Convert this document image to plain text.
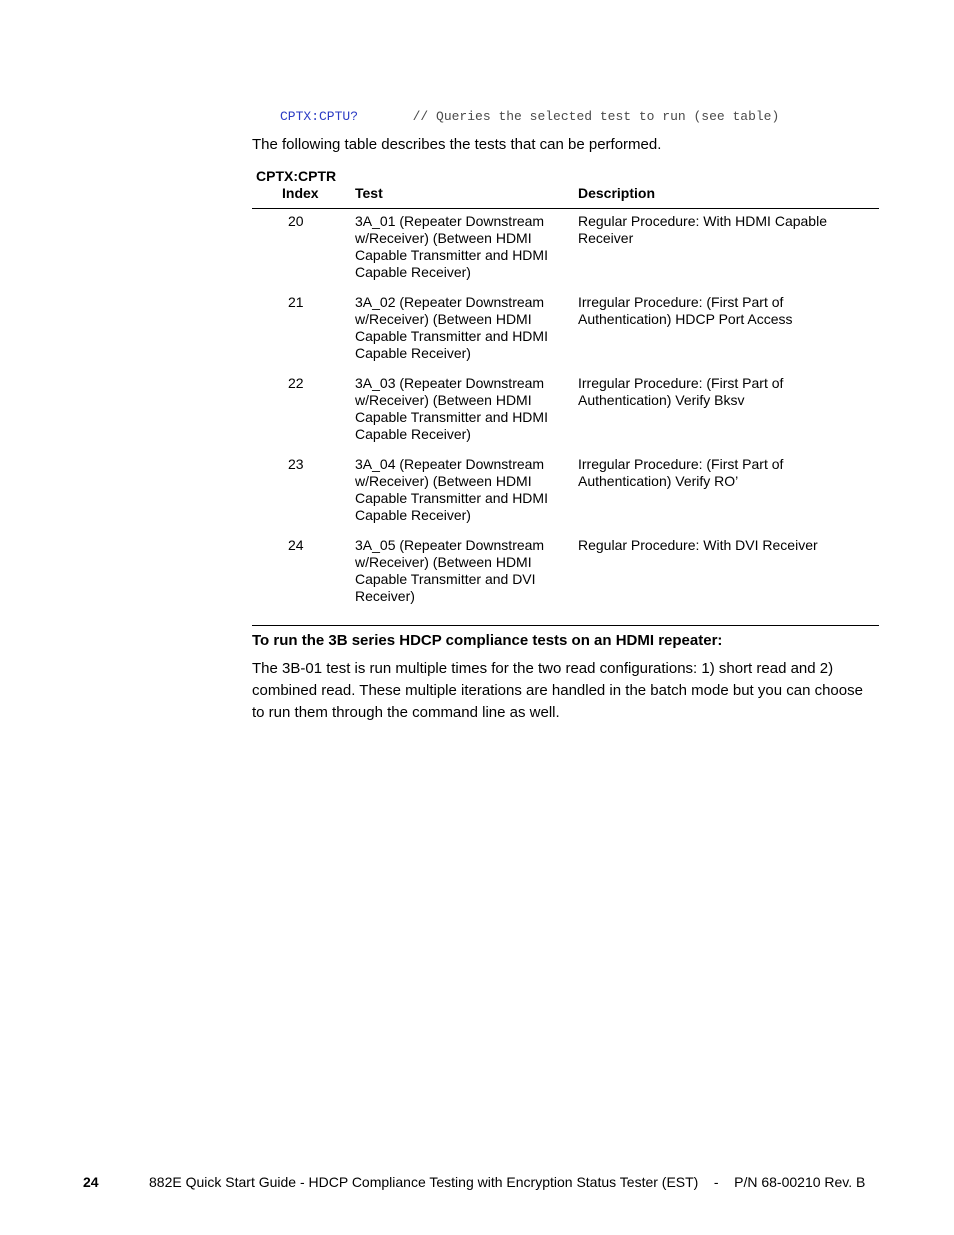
CPTX:CPTU?	// Queries the selected test to run (see table)
The following table describes the tests that can be performed.
CPTX:CPTR
Index	Test	Description
20	3A_01 (Repeater Downstream w/Receiver) (Between HDMI Capable Transmitter and HDMI Capable Receiver)
Regular Procedure: With HDMI Capable Receiver
21	3A_02 (Repeater Downstream w/Receiver) (Between HDMI Capable Transmitter and HDMI Capable Receiver)
Irregular Procedure: (First Part of Authentication) HDCP Port Access
22	3A_03 (Repeater Downstream w/Receiver) (Between HDMI Capable Transmitter and HDMI Capable Receiver)
Irregular Procedure: (First Part of Authentication) Verify Bksv
23	3A_04 (Repeater Downstream w/Receiver) (Between HDMI Capable Transmitter and HDMI Capable Receiver)
Irregular Procedure: (First Part of Authentication) Verify RO’
24	3A_05 (Repeater Downstream w/Receiver) (Between HDMI Capable Transmitter and DVI Receiver)
Regular Procedure: With DVI Receiver
To run the 3B series HDCP compliance tests on an HDMI repeater:
The 3B-01 test is run multiple times for the two read configurations: 1) short read and 2) combined read. These multiple iterations are handled in the batch mode but you can choose to run them through the command line as well.
24	882E Quick Start Guide - HDCP Compliance Testing with Encryption Status Tester (EST)    -    P/N 68-00210 Rev. B
